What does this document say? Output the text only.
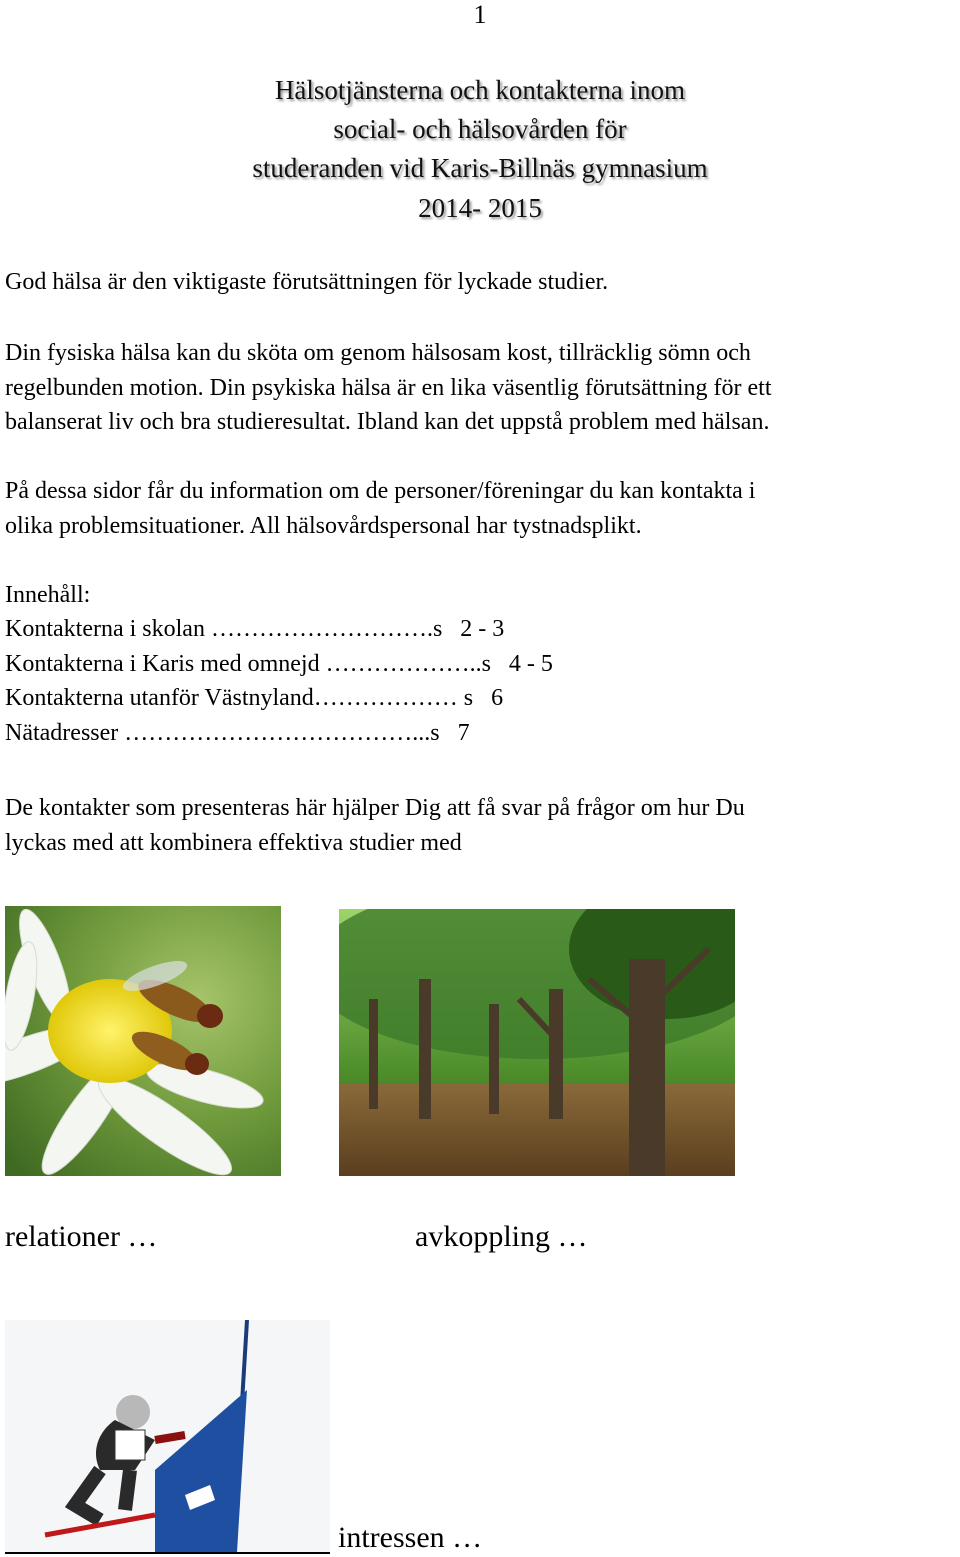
1
Hälsotjänsterna och kontakterna inom
social- och hälsovården för
studeranden vid Karis-Billnäs gymnasium
2014- 2015
God hälsa är den viktigaste förutsättningen för lyckade studier.
Din fysiska hälsa kan du sköta om genom hälsosam kost, tillräcklig sömn och
regelbunden motion. Din psykiska hälsa är en lika väsentlig förutsättning för ett
balanserat liv och bra studieresultat. Ibland kan det uppstå problem med hälsan.
På dessa sidor får du information om de personer/föreningar du kan kontakta i
olika problemsituationer. All hälsovårdspersonal har tystnadsplikt.
Innehåll:
Kontakterna i skolan ……………………….s   2 - 3
Kontakterna i Karis med omnejd ………………..s   4 - 5
Kontakterna utanför Västnyland……………… s   6
Nätadresser ………………………………...s   7
De kontakter som presenteras här hjälper Dig att få svar på frågor om hur Du
lyckas med att kombinera effektiva studier med
relationer …	avkoppling …
intressen …
